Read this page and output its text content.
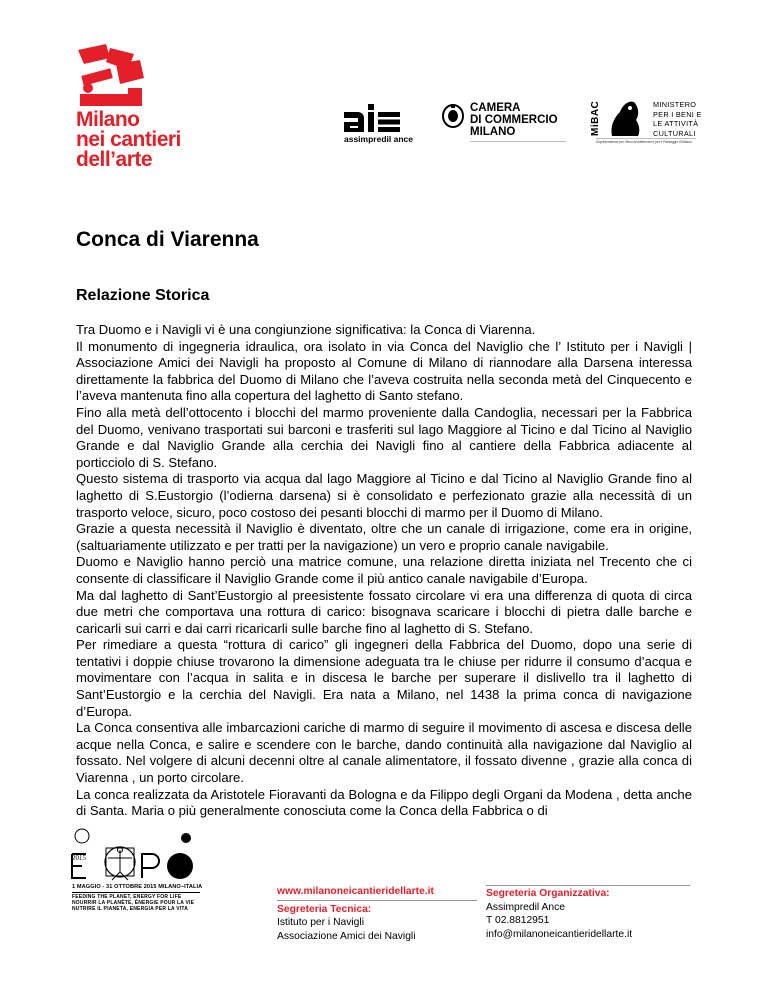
Milano
nei cantieri
dell’arte
assimpredil ance
CAMERA
DI COMMERCIO
MILANO	MiBAC	MINISTERO
PER I BENI E
LE ATTIVITÀ
CULTURALI
Soprintendenza per i Beni Architettonici e per il Paesaggio di Milano
Conca di Viarenna
Relazione Storica

Tra Duomo e i Navigli vi è una congiunzione significativa: la Conca di Viarenna.

Il monumento di ingegneria idraulica, ora isolato in via Conca del Naviglio che l’ Istituto per i Navigli | Associazione Amici dei Navigli ha proposto al Comune di Milano di riannodare alla Darsena interessa direttamente la fabbrica del Duomo di Milano che l’aveva costruita nella seconda metà del Cinquecento e l’aveva mantenuta fino alla copertura del laghetto di Santo stefano.

Fino alla metà dell’ottocento i blocchi del marmo proveniente dalla Candoglia, necessari per la Fabbrica del Duomo, venivano trasportati sui barconi e trasferiti sul lago Maggiore al Ticino e dal Ticino al Naviglio Grande e dal Naviglio Grande alla cerchia dei Navigli fino al cantiere della Fabbrica adiacente al porticciolo di S. Stefano.

Questo sistema di trasporto via acqua dal lago Maggiore al Ticino e dal Ticino al Naviglio Grande fino al laghetto di S.Eustorgio (l’odierna darsena) si è consolidato e perfezionato grazie alla necessità di un trasporto veloce, sicuro, poco costoso dei pesanti blocchi di marmo per il Duomo di Milano.

Grazie a questa necessità il Naviglio è diventato, oltre che un canale di irrigazione, come era in origine, (saltuariamente utilizzato e per tratti per la navigazione) un vero e proprio canale navigabile.

Duomo e Naviglio hanno perciò una matrice comune, una relazione diretta iniziata nel Trecento che ci consente di classificare il Naviglio Grande come il più antico canale navigabile d’Europa.

Ma dal laghetto di Sant’Eustorgio al preesistente fossato circolare vi era una differenza di quota di circa due metri che comportava una rottura di carico: bisognava scaricare i blocchi di pietra dalle barche e caricarli sui carri e dai carri ricaricarli sulle barche fino al laghetto di S. Stefano.

Per rimediare a questa “rottura di carico” gli ingegneri della Fabbrica del Duomo, dopo una serie di tentativi i doppie chiuse trovarono la dimensione adeguata tra le chiuse per ridurre il consumo d’acqua e movimentare con l’acqua in salita e in discesa le barche per superare il dislivello tra il laghetto di Sant’Eustorgio e la cerchia del Navigli. Era nata a Milano, nel 1438 la prima conca di navigazione d’Europa.

La Conca consentiva alle imbarcazioni cariche di marmo di seguire il movimento di ascesa e discesa delle acque nella Conca, e salire e scendere con le barche, dando continuità alla navigazione dal Naviglio al fossato. Nel volgere di alcuni decenni oltre al canale alimentatore, il fossato divenne , grazie alla conca di Viarenna , un porto circolare.

La conca realizzata da Aristotele Fioravanti da Bologna e da Filippo degli Organi da Modena , detta anche di Santa. Maria o più generalmente conosciuta come la Conca della Fabbrica o di

2015
1 MAGGIO - 31 OTTOBRE 2015 MILANO–ITALIA
FEEDING THE PLANET, ENERGY FOR LIFE
NOURRIR LA PLANÈTE, ÉNERGIE POUR LA VIE
NUTRIRE IL PIANETA, ENERGIA PER LA VITA
www.milanoneicantieridellarte.it
Segreteria Tecnica:
Istituto per i Navigli
Associazione Amici dei Navigli
Segreteria Organizzativa:
Assimpredil Ance
T 02.8812951
info@milanoneicantieridellarte.it
